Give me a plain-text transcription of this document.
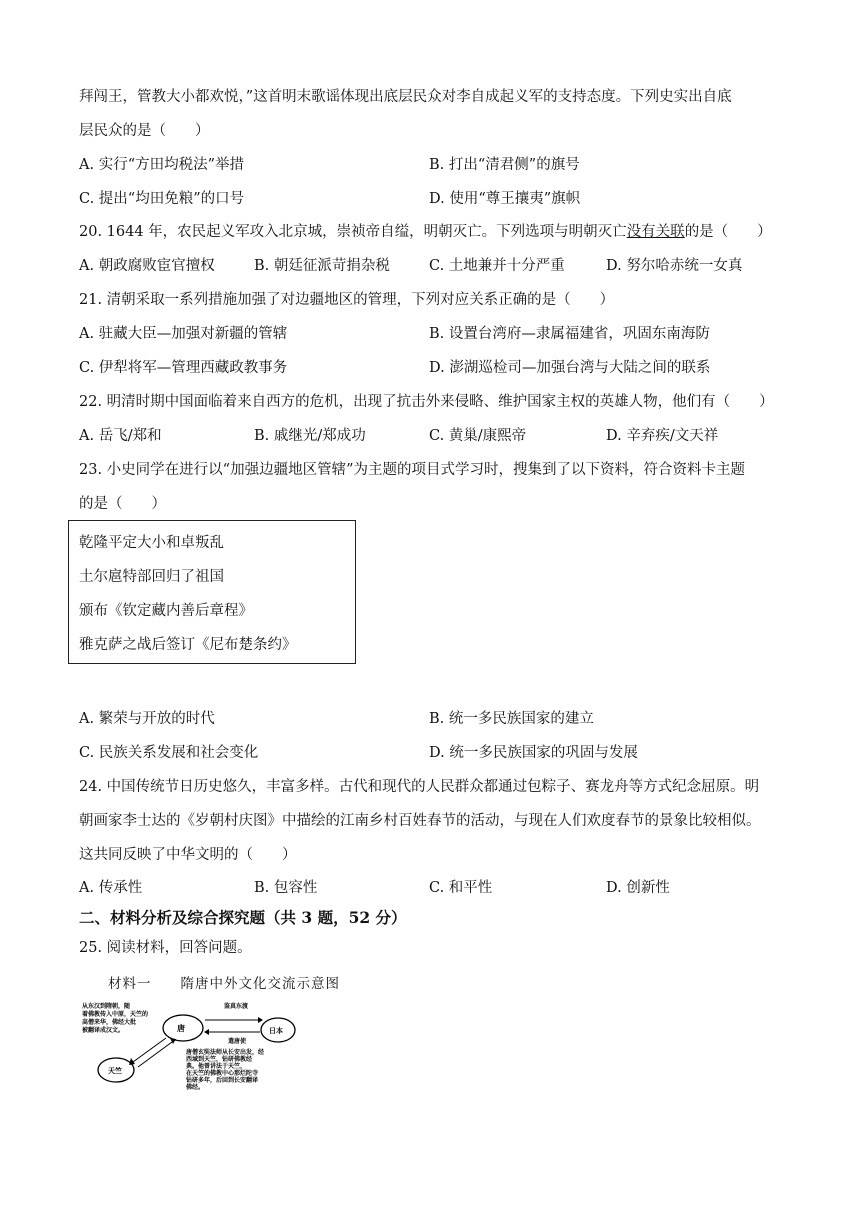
拜闯王，管教大小都欢悦，”这首明末歌谣体现出底层民众对李自成起义军的支持态度。下列史实出自底
层民众的是（　　）
A. 实行“方田均税法”举措	B. 打出“清君侧”的旗号
C. 提出“均田免粮”的口号	D. 使用“尊王攘夷”旗帜
20. 1644 年，农民起义军攻入北京城，崇祯帝自缢，明朝灭亡。下列选项与明朝灭亡没有关联的是（　　）
A. 朝政腐败宦官擅权	B. 朝廷征派苛捐杂税	C. 土地兼并十分严重	D. 努尔哈赤统一女真
21. 清朝采取一系列措施加强了对边疆地区的管理，下列对应关系正确的是（　　）
A. 驻藏大臣—加强对新疆的管辖	B. 设置台湾府—隶属福建省，巩固东南海防
C. 伊犁将军—管理西藏政教事务	D. 澎湖巡检司—加强台湾与大陆之间的联系
22. 明清时期中国面临着来自西方的危机，出现了抗击外来侵略、维护国家主权的英雄人物，他们有（　　）
A. 岳飞/郑和	B. 戚继光/郑成功	C. 黄巢/康熙帝	D. 辛弃疾/文天祥
23. 小史同学在进行以“加强边疆地区管辖”为主题的项目式学习时，搜集到了以下资料，符合资料卡主题
的是（　　）
乾隆平定大小和卓叛乱
土尔扈特部回归了祖国
颁布《钦定藏内善后章程》
雅克萨之战后签订《尼布楚条约》
A. 繁荣与开放的时代	B. 统一多民族国家的建立
C. 民族关系发展和社会变化	D. 统一多民族国家的巩固与发展
24. 中国传统节日历史悠久，丰富多样。古代和现代的人民群众都通过包粽子、赛龙舟等方式纪念屈原。明
朝画家李士达的《岁朝村庆图》中描绘的江南乡村百姓春节的活动，与现在人们欢度春节的景象比较相似。
这共同反映了中华文明的（　　）
A. 传承性	B. 包容性	C. 和平性	D. 创新性
二、材料分析及综合探究题（共 3 题，52 分）
25. 阅读材料，回答问题。
材料一　　隋唐中外文化交流示意图
从东汉到隋朝，随
着佛教传入中原，天竺的
高僧来华，佛经大批
被翻译成汉文。	唐	日本
天竺
鉴真东渡
遣唐使
唐僧玄奘法师从长安出发，经
西域到天竺，钻研佛教经
典。他曾讲法于天竺，
在天竺的佛教中心那烂陀寺
钻研多年，后回到长安翻译
佛经。
